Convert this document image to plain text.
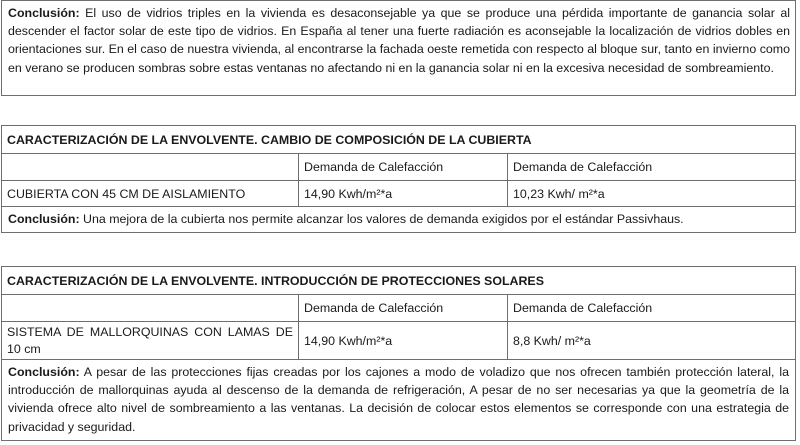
Conclusión: El uso de vidrios triples en la vivienda es desaconsejable ya que se produce una pérdida importante de ganancia solar al descender el factor solar de este tipo de vidrios. En España al tener una fuerte radiación es aconsejable la localización de vidrios dobles en orientaciones sur. En el caso de nuestra vivienda, al encontrarse la fachada oeste remetida con respecto al bloque sur, tanto en invierno como en verano se producen sombras sobre estas ventanas no afectando ni en la ganancia solar ni en la excesiva necesidad de sombreamiento.
CARACTERIZACIÓN DE LA ENVOLVENTE. CAMBIO DE COMPOSICIÓN DE LA CUBIERTA		
	Demanda de Calefacción	Demanda de Calefacción
CUBIERTA CON 45 CM DE AISLAMIENTO	14,90 Kwh/m²*a	10,23 Kwh/ m²*a
Conclusión: Una mejora de la cubierta nos permite alcanzar los valores de demanda exigidos por el estándar Passivhaus.		
CARACTERIZACIÓN DE LA ENVOLVENTE. INTRODUCCIÓN DE PROTECCIONES SOLARES		
	Demanda de Calefacción	Demanda de Calefacción
SISTEMA DE MALLORQUINAS CON LAMAS DE 10 cm	14,90 Kwh/m²*a	8,8 Kwh/ m²*a
Conclusión: A pesar de las protecciones fijas creadas por los cajones a modo de voladizo que nos ofrecen también protección lateral, la introducción de mallorquinas ayuda al descenso de la demanda de refrigeración, A pesar de no ser necesarias ya que la geometría de la vivienda ofrece alto nivel de sombreamiento a las ventanas. La decisión de colocar estos elementos se corresponde con una estrategia de privacidad y seguridad.		
